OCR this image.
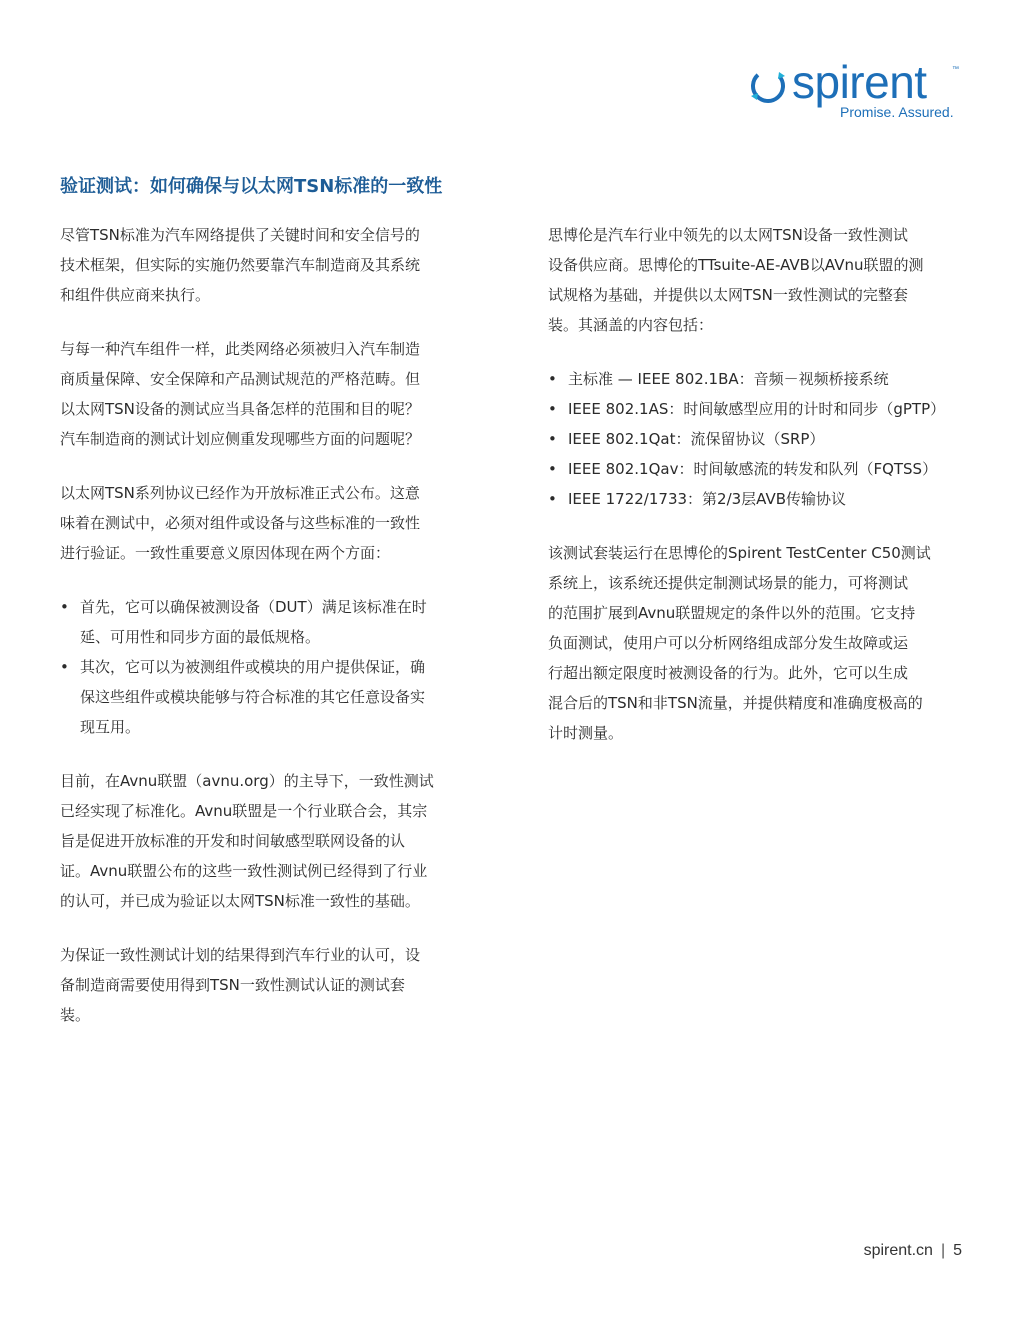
spirent	™
Promise. Assured.
验证测试：如何确保与以太网TSN标准的一致性
尽管TSN标准为汽车网络提供了关键时间和安全信号的
技术框架，但实际的实施仍然要靠汽车制造商及其系统
和组件供应商来执行。
与每一种汽车组件一样，此类网络必须被归入汽车制造
商质量保障、安全保障和产品测试规范的严格范畴。但
以太网TSN设备的测试应当具备怎样的范围和目的呢？
汽车制造商的测试计划应侧重发现哪些方面的问题呢？
以太网TSN系列协议已经作为开放标准正式公布。这意
味着在测试中，必须对组件或设备与这些标准的一致性
进行验证。一致性重要意义原因体现在两个方面：
• 首先，它可以确保被测设备（DUT）满足该标准在时
延、可用性和同步方面的最低规格。
• 其次，它可以为被测组件或模块的用户提供保证，确
保这些组件或模块能够与符合标准的其它任意设备实
现互用。
目前，在Avnu联盟（avnu.org）的主导下，一致性测试
已经实现了标准化。Avnu联盟是一个行业联合会，其宗
旨是促进开放标准的开发和时间敏感型联网设备的认
证。Avnu联盟公布的这些一致性测试例已经得到了行业
的认可，并已成为验证以太网TSN标准一致性的基础。
为保证一致性测试计划的结果得到汽车行业的认可，设
备制造商需要使用得到TSN一致性测试认证的测试套
装。
思博伦是汽车行业中领先的以太网TSN设备一致性测试
设备供应商。思博伦的TTsuite-AE-AVB以AVnu联盟的测
试规格为基础，并提供以太网TSN一致性测试的完整套
装。其涵盖的内容包括：
• 主标准 — IEEE 802.1BA：音频－视频桥接系统
• IEEE 802.1AS：时间敏感型应用的计时和同步（gPTP）
• IEEE 802.1Qat：流保留协议（SRP）
• IEEE 802.1Qav：时间敏感流的转发和队列（FQTSS）
• IEEE 1722/1733：第2/3层AVB传输协议
该测试套装运行在思博伦的Spirent TestCenter C50测试
系统上，该系统还提供定制测试场景的能力，可将测试
的范围扩展到Avnu联盟规定的条件以外的范围。它支持
负面测试，使用户可以分析网络组成部分发生故障或运
行超出额定限度时被测设备的行为。此外，它可以生成
混合后的TSN和非TSN流量，并提供精度和准确度极高的
计时测量。
spirent.cn | 5
